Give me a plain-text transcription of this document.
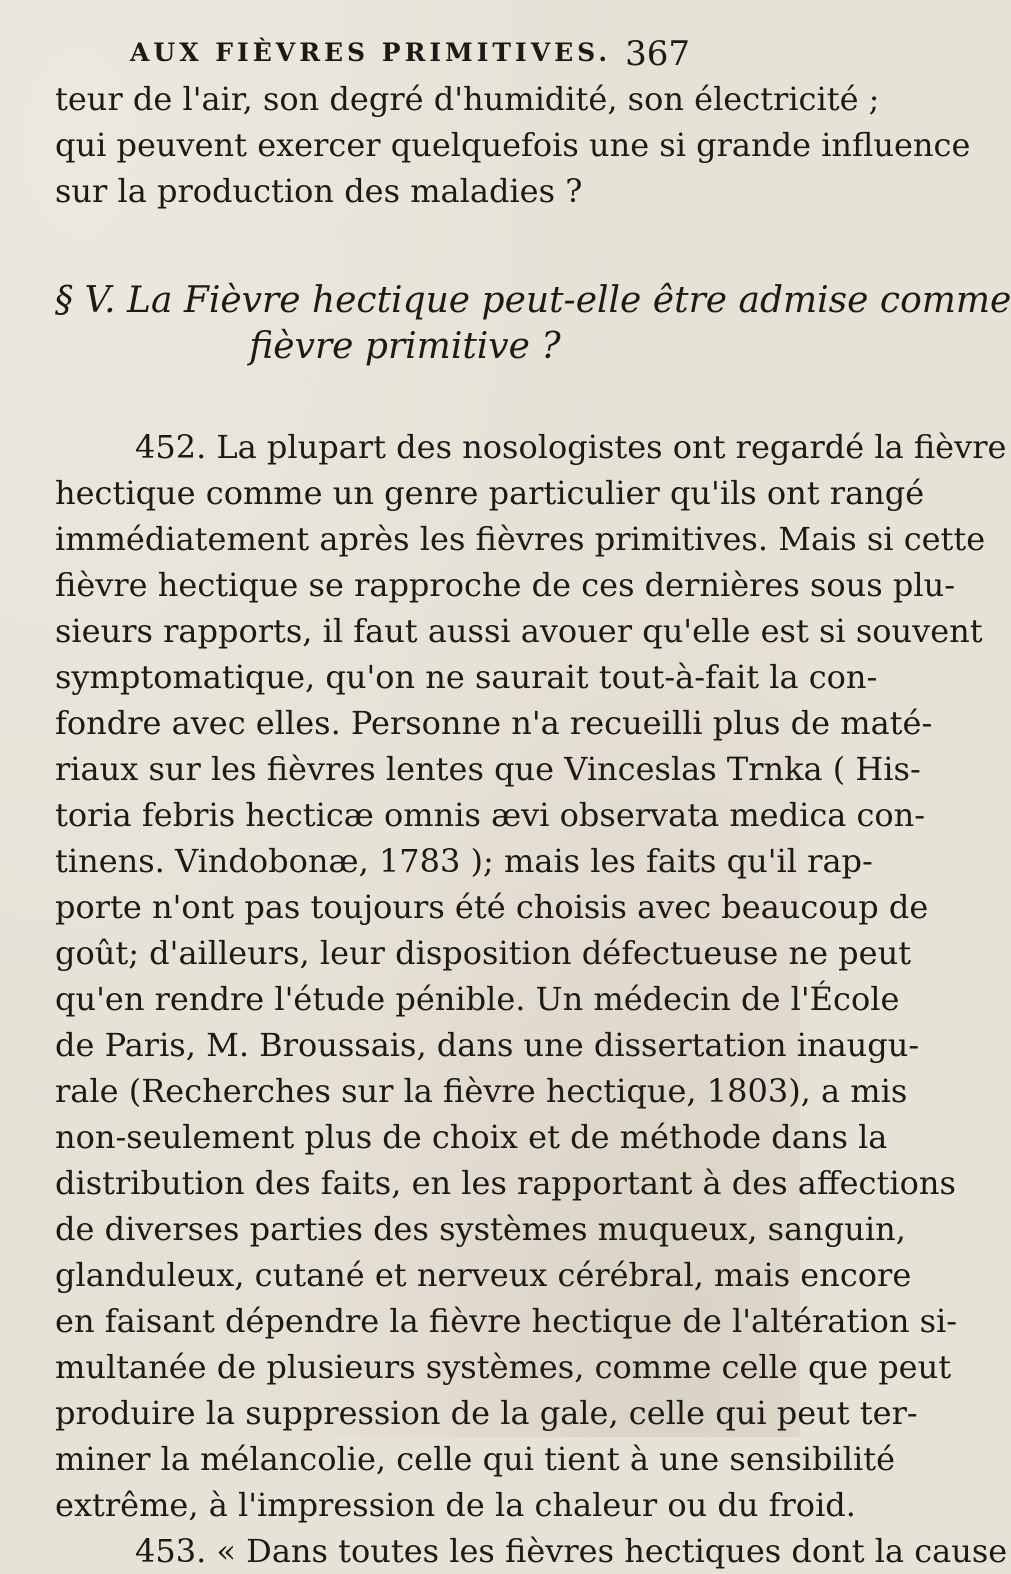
AUX FIÈVRES PRIMITIVES. 367
teur de l'air, son degré d'humidité, son électricité ;
qui peuvent exercer quelquefois une si grande influence
sur la production des maladies ?
§ V. La Fièvre hectique peut-elle être admise comme
fièvre primitive ?
452. La plupart des nosologistes ont regardé la fièvre
hectique comme un genre particulier qu'ils ont rangé
immédiatement après les fièvres primitives. Mais si cette
fièvre hectique se rapproche de ces dernières sous plu-
sieurs rapports, il faut aussi avouer qu'elle est si souvent
symptomatique, qu'on ne saurait tout-à-fait la con-
fondre avec elles. Personne n'a recueilli plus de maté-
riaux sur les fièvres lentes que Vinceslas Trnka ( His-
toria febris hecticæ omnis ævi observata medica con-
tinens. Vindobonæ, 1783 ); mais les faits qu'il rap-
porte n'ont pas toujours été choisis avec beaucoup de
goût; d'ailleurs, leur disposition défectueuse ne peut
qu'en rendre l'étude pénible. Un médecin de l'École
de Paris, M. Broussais, dans une dissertation inaugu-
rale (Recherches sur la fièvre hectique, 1803), a mis
non-seulement plus de choix et de méthode dans la
distribution des faits, en les rapportant à des affections
de diverses parties des systèmes muqueux, sanguin,
glanduleux, cutané et nerveux cérébral, mais encore
en faisant dépendre la fièvre hectique de l'altération si-
multanée de plusieurs systèmes, comme celle que peut
produire la suppression de la gale, celle qui peut ter-
miner la mélancolie, celle qui tient à une sensibilité
extrême, à l'impression de la chaleur ou du froid.
453. « Dans toutes les fièvres hectiques dont la cause
